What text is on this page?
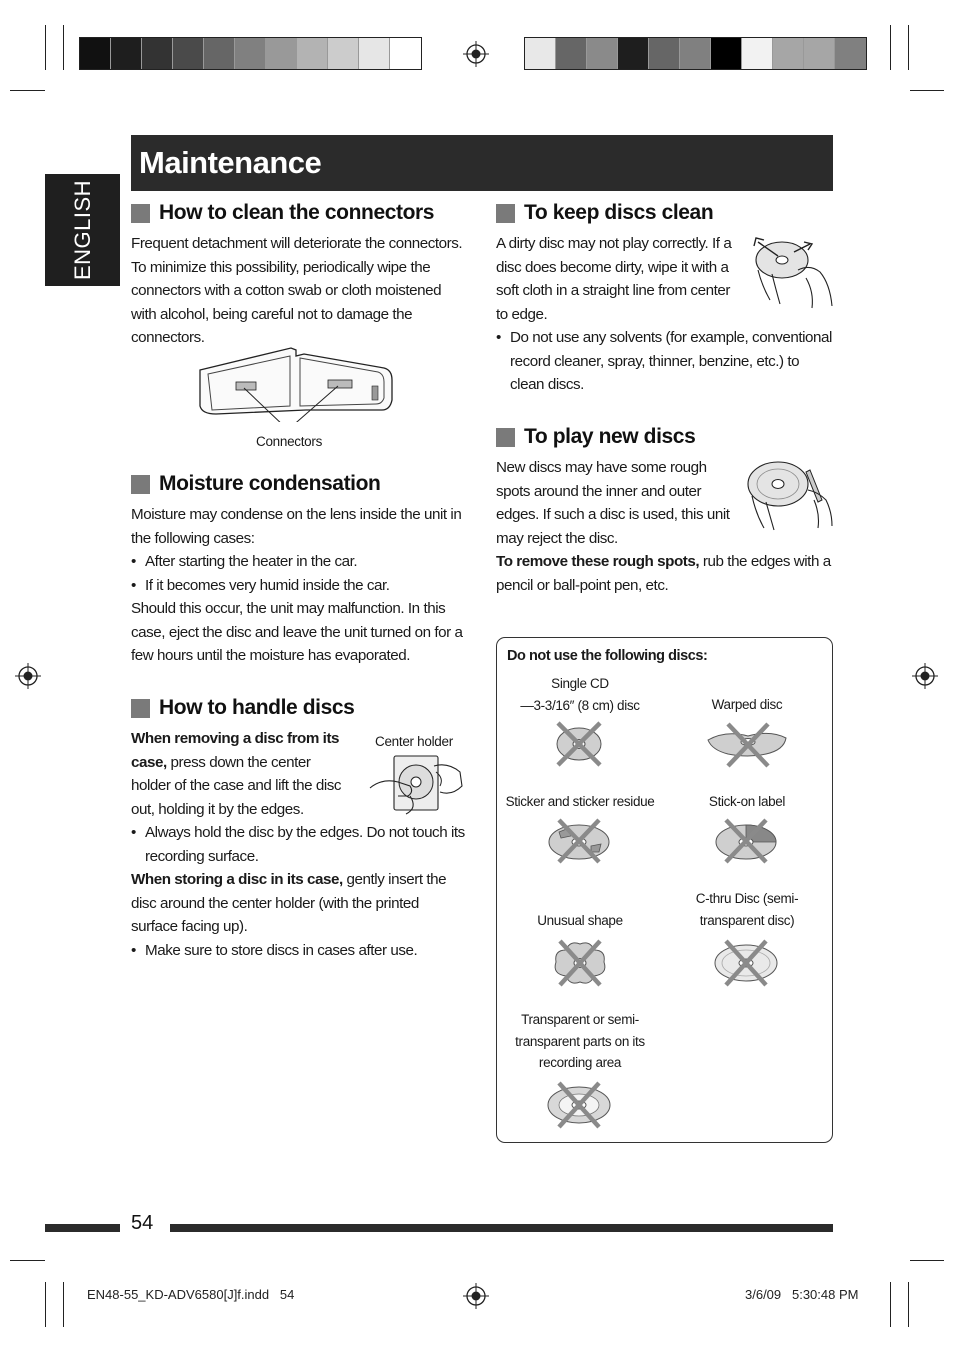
Maintenance
ENGLISH	How to clean the connectors

Frequent detachment will deteriorate the connectors. To minimize this possibility, periodically wipe the connectors with a cotton swab or cloth moistened with alcohol, being careful not to damage the connectors.

Connectors
Moisture condensation

Moisture may condense on the lens inside the unit in the following cases:

• After starting the heater in the car.

• If it becomes very humid inside the car.

Should this occur, the unit may malfunction. In this case, eject the disc and leave the unit turned on for a few hours until the moisture has evaporated.

How to handle discs

When removing a disc from its case, press down the center holder of the case and lift the disc out, holding it by the edges.

Center holder

• Always hold the disc by the edges. Do not touch its recording surface.

When storing a disc in its case, gently insert the disc around the center holder (with the printed surface facing up).

• Make sure to store discs in cases after use.

To keep discs clean

A dirty disc may not play correctly. If a disc does become dirty, wipe it with a soft cloth in a straight line from center to edge.

• Do not use any solvents (for example, conventional record cleaner, spray, thinner, benzine, etc.) to clean discs.

To play new discs

New discs may have some rough spots around the inner and outer edges. If such a disc is used, this unit may reject the disc.

To remove these rough spots, rub the edges with a pencil or ball-point pen, etc.

Do not use the following discs:

Single CD
—3-3/16″ (8 cm) disc	Warped disc
Sticker and sticker residue	Stick-on label
Unusual shape
C-thru Disc (semi-
transparent disc)
Transparent or semi-
transparent parts on its
recording area
54
EN48-55_KD-ADV6580[J]f.indd   54	3/6/09   5:30:48 PM
